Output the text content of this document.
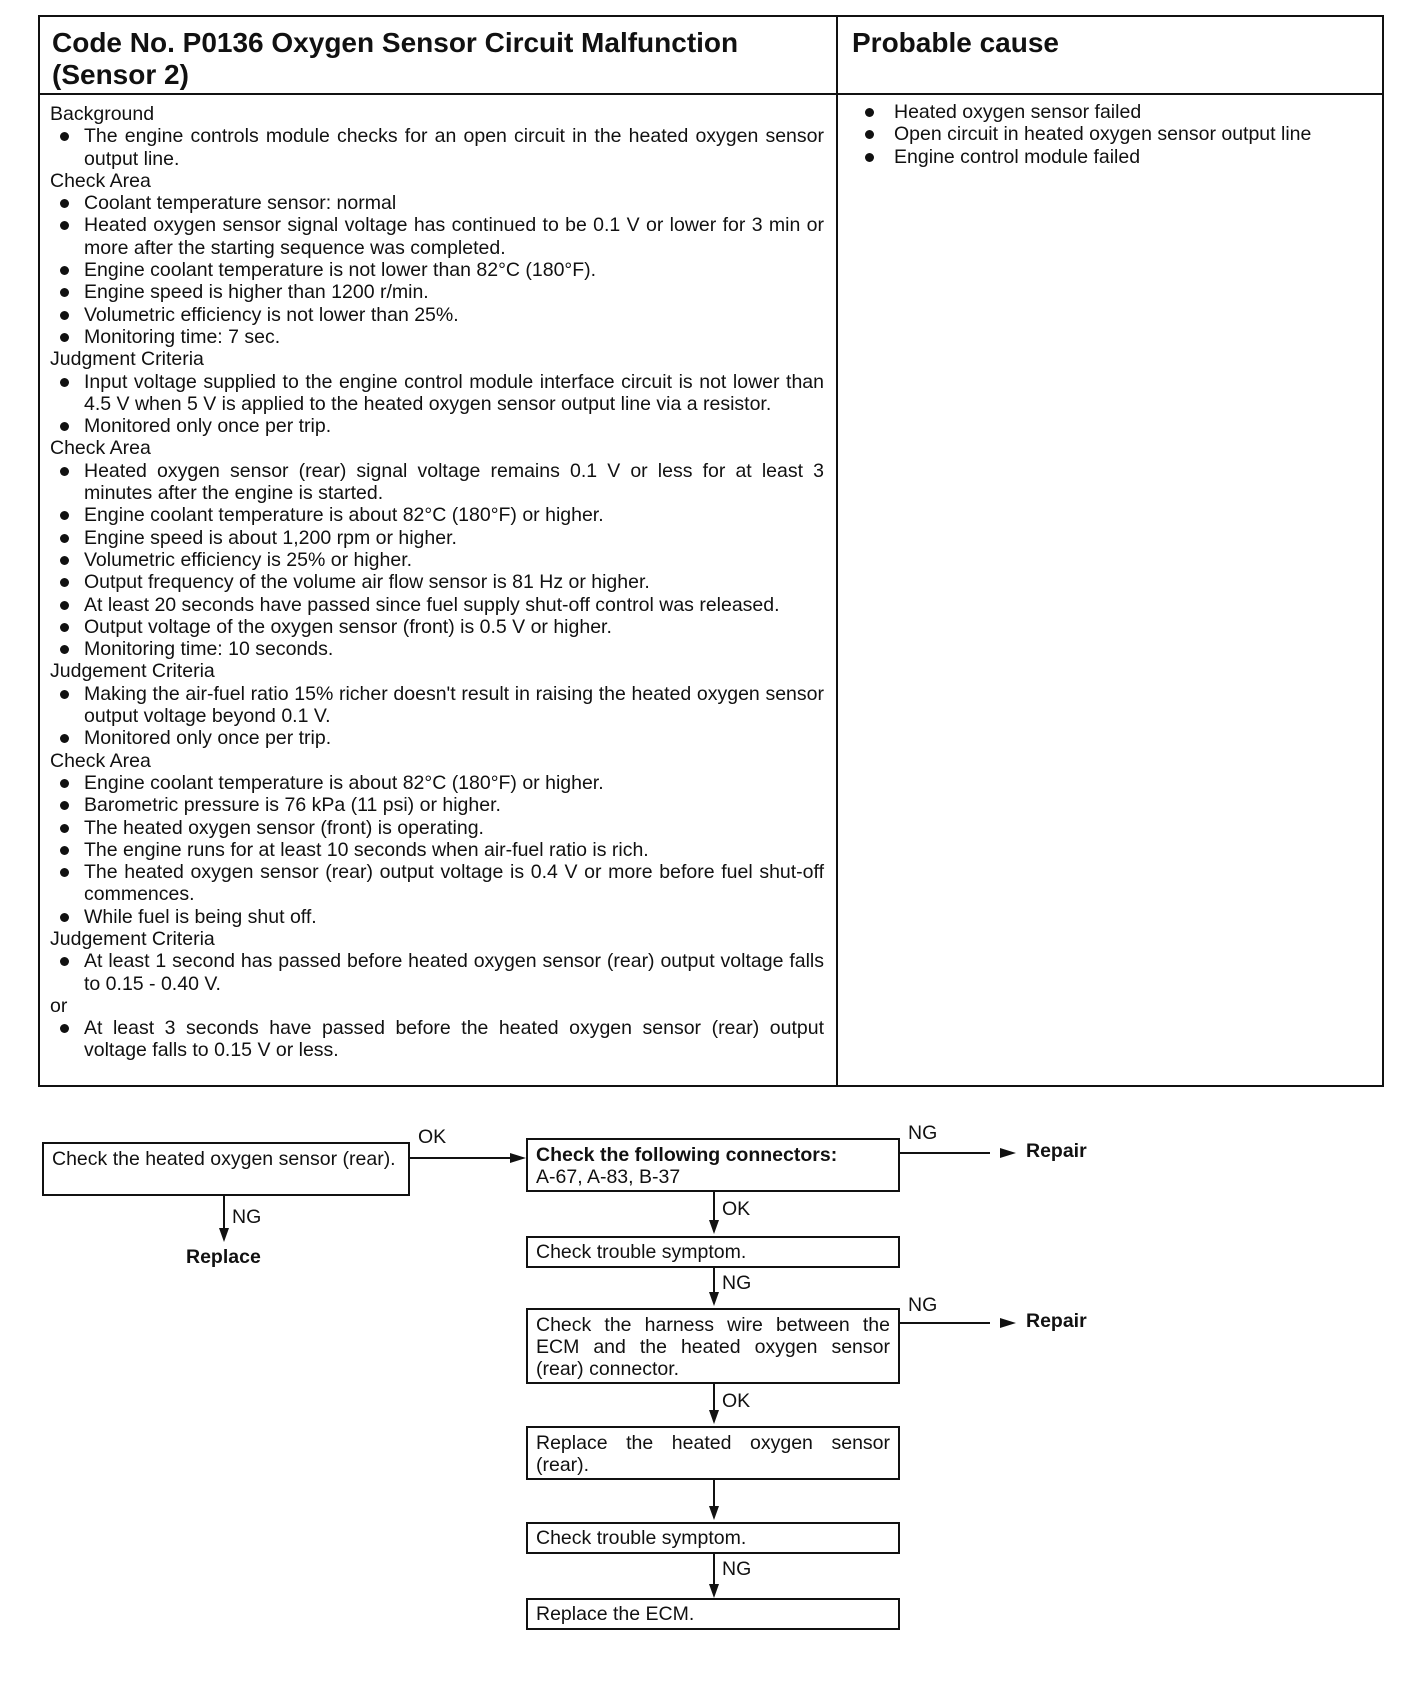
Code No. P0136 Oxygen Sensor Circuit Malfunction (Sensor 2)
Probable cause
Background
The engine controls module checks for an open circuit in the heated oxygen sensor output line.
Check Area
Coolant temperature sensor: normal
Heated oxygen sensor signal voltage has continued to be 0.1 V or lower for 3 min or more after the starting sequence was completed.
Engine coolant temperature is not lower than 82°C (180°F).
Engine speed is higher than 1200 r/min.
Volumetric efficiency is not lower than 25%.
Monitoring time: 7 sec.
Judgment Criteria
Input voltage supplied to the engine control module interface circuit is not lower than 4.5 V when 5 V is applied to the heated oxygen sensor output line via a resistor.
Monitored only once per trip.
Check Area
Heated oxygen sensor (rear) signal voltage remains 0.1 V or less for at least 3 minutes after the engine is started.
Engine coolant temperature is about 82°C (180°F) or higher.
Engine speed is about 1,200 rpm or higher.
Volumetric efficiency is 25% or higher.
Output frequency of the volume air flow sensor is 81 Hz or higher.
At least 20 seconds have passed since fuel supply shut-off control was released.
Output voltage of the oxygen sensor (front) is 0.5 V or higher.
Monitoring time: 10 seconds.
Judgement Criteria
Making the air-fuel ratio 15% richer doesn't result in raising the heated oxygen sensor output voltage beyond 0.1 V.
Monitored only once per trip.
Check Area
Engine coolant temperature is about 82°C (180°F) or higher.
Barometric pressure is 76 kPa (11 psi) or higher.
The heated oxygen sensor (front) is operating.
The engine runs for at least 10 seconds when air-fuel ratio is rich.
The heated oxygen sensor (rear) output voltage is 0.4 V or more before fuel shut-off commences.
While fuel is being shut off.
Judgement Criteria
At least 1 second has passed before heated oxygen sensor (rear) output voltage falls to 0.15 - 0.40 V.
or
At least 3 seconds have passed before the heated oxygen sensor (rear) output voltage falls to 0.15 V or less.
Heated oxygen sensor failed
Open circuit in heated oxygen sensor output line
Engine control module failed
Check the heated oxygen sensor (rear).
OK
NG
Replace
Check the following connectors:
A-67, A-83, B-37
NG
Repair
OK
Check trouble symptom.
NG
Check the harness wire between the ECM and the heated oxygen sensor (rear) connector.
NG
Repair
OK
Replace the heated oxygen sensor (rear).
Check trouble symptom.
NG
Replace the ECM.
